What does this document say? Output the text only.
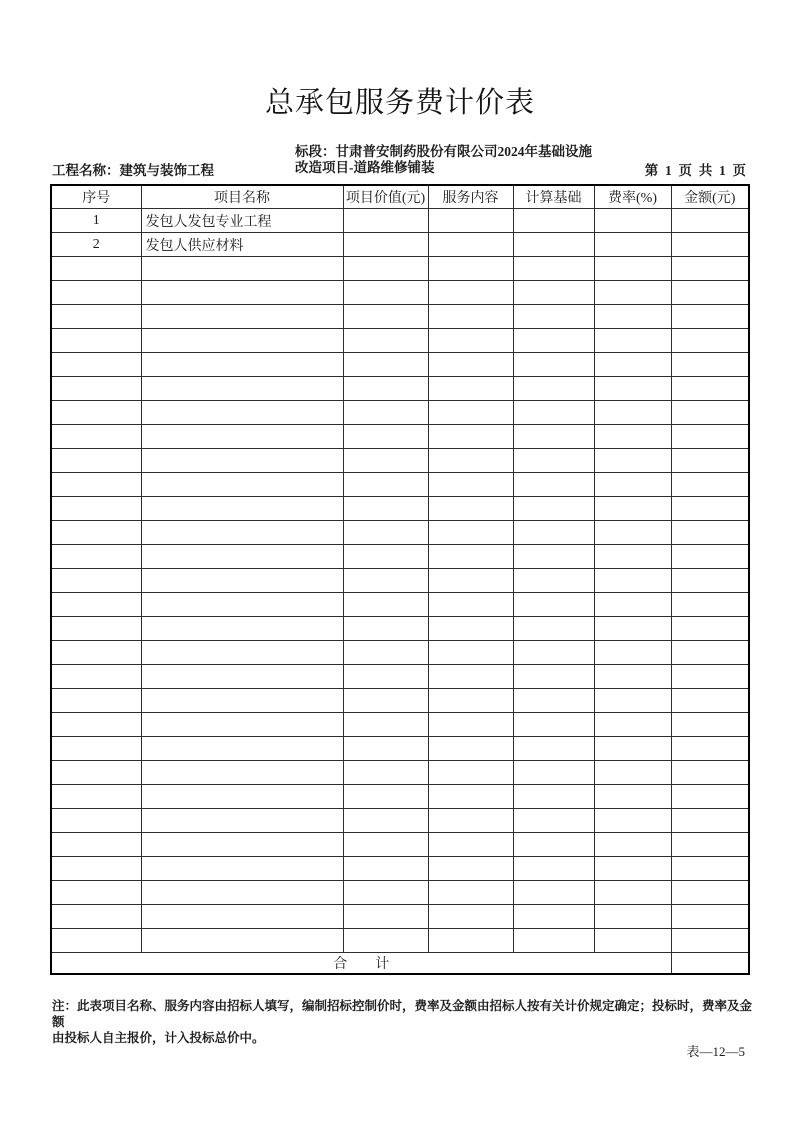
总承包服务费计价表
工程名称：建筑与装饰工程
标段：甘肃普安制药股份有限公司2024年基础设施
改造项目-道路维修铺装	第  1  页  共  1  页
序号	项目名称	项目价值(元)	服务内容	计算基础	费率(%)	金额(元)
1	发包人发包专业工程					
2	发包人供应材料					

合        计						
注：此表项目名称、服务内容由招标人填写，编制招标控制价时，费率及金额由招标人按有关计价规定确定；投标时，费率及金额
由投标人自主报价，计入投标总价中。
表—12—5
